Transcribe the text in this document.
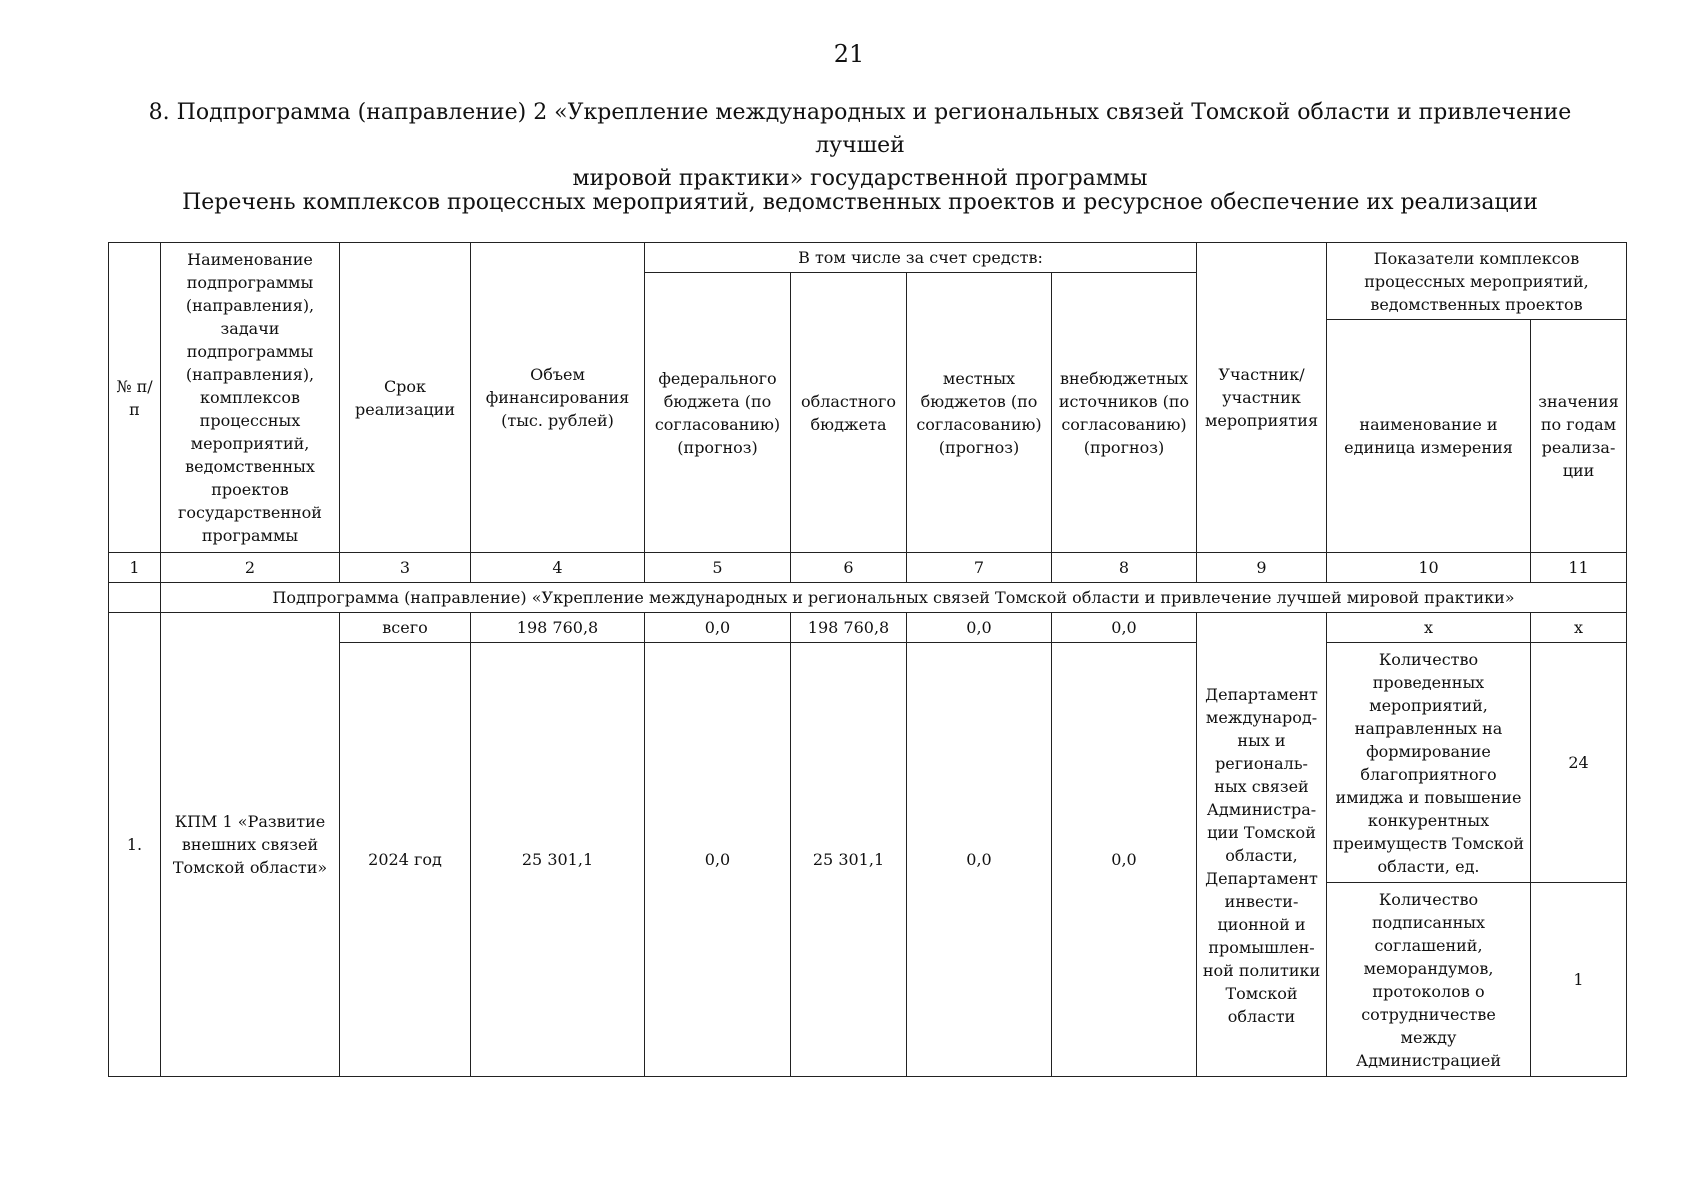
21
8. Подпрограмма (направление) 2 «Укрепление международных и региональных связей Томской области и привлечение лучшей
мировой практики» государственной программы
Перечень комплексов процессных мероприятий, ведомственных проектов и ресурсное обеспечение их реализации
№ п/п	Наименование подпрограммы (направления), задачи подпрограммы (направления), комплексов процессных мероприятий, ведомственных проектов государственной программы	Срок реализации	Объем финансирования (тыс. рублей)	В том числе за счет средств:				Участник/ участник мероприятия	Показатели комплексов процессных мероприятий, ведомственных проектов	
				федерального бюджета (по согласованию) (прогноз)	областного бюджета	местных бюджетов (по согласованию) (прогноз)	внебюджетных источников (по согласованию) (прогноз)			
									наименование и единица измерения	значения по годам реализа-ции
1	2	3	4	5	6	7	8	9	10	11
	Подпрограмма (направление) «Укрепление международных и региональных связей Томской области и привлечение лучшей мировой практики»									
1.	КПМ 1 «Развитие внешних связей Томской области»	всего	198 760,8	0,0	198 760,8	0,0	0,0	Департамент международ-ных и региональ-ных связей Администра-ции Томской области, Департамент инвести-ционной и промышлен-ной политики Томской области	х	х
		2024 год	25 301,1	0,0	25 301,1	0,0	0,0		Количество проведенных мероприятий, направленных на формирование благоприятного имиджа и повышение конкурентных преимуществ Томской области, ед.	24
									Количество подписанных соглашений, меморандумов, протоколов о сотрудничестве между Администрацией	1
